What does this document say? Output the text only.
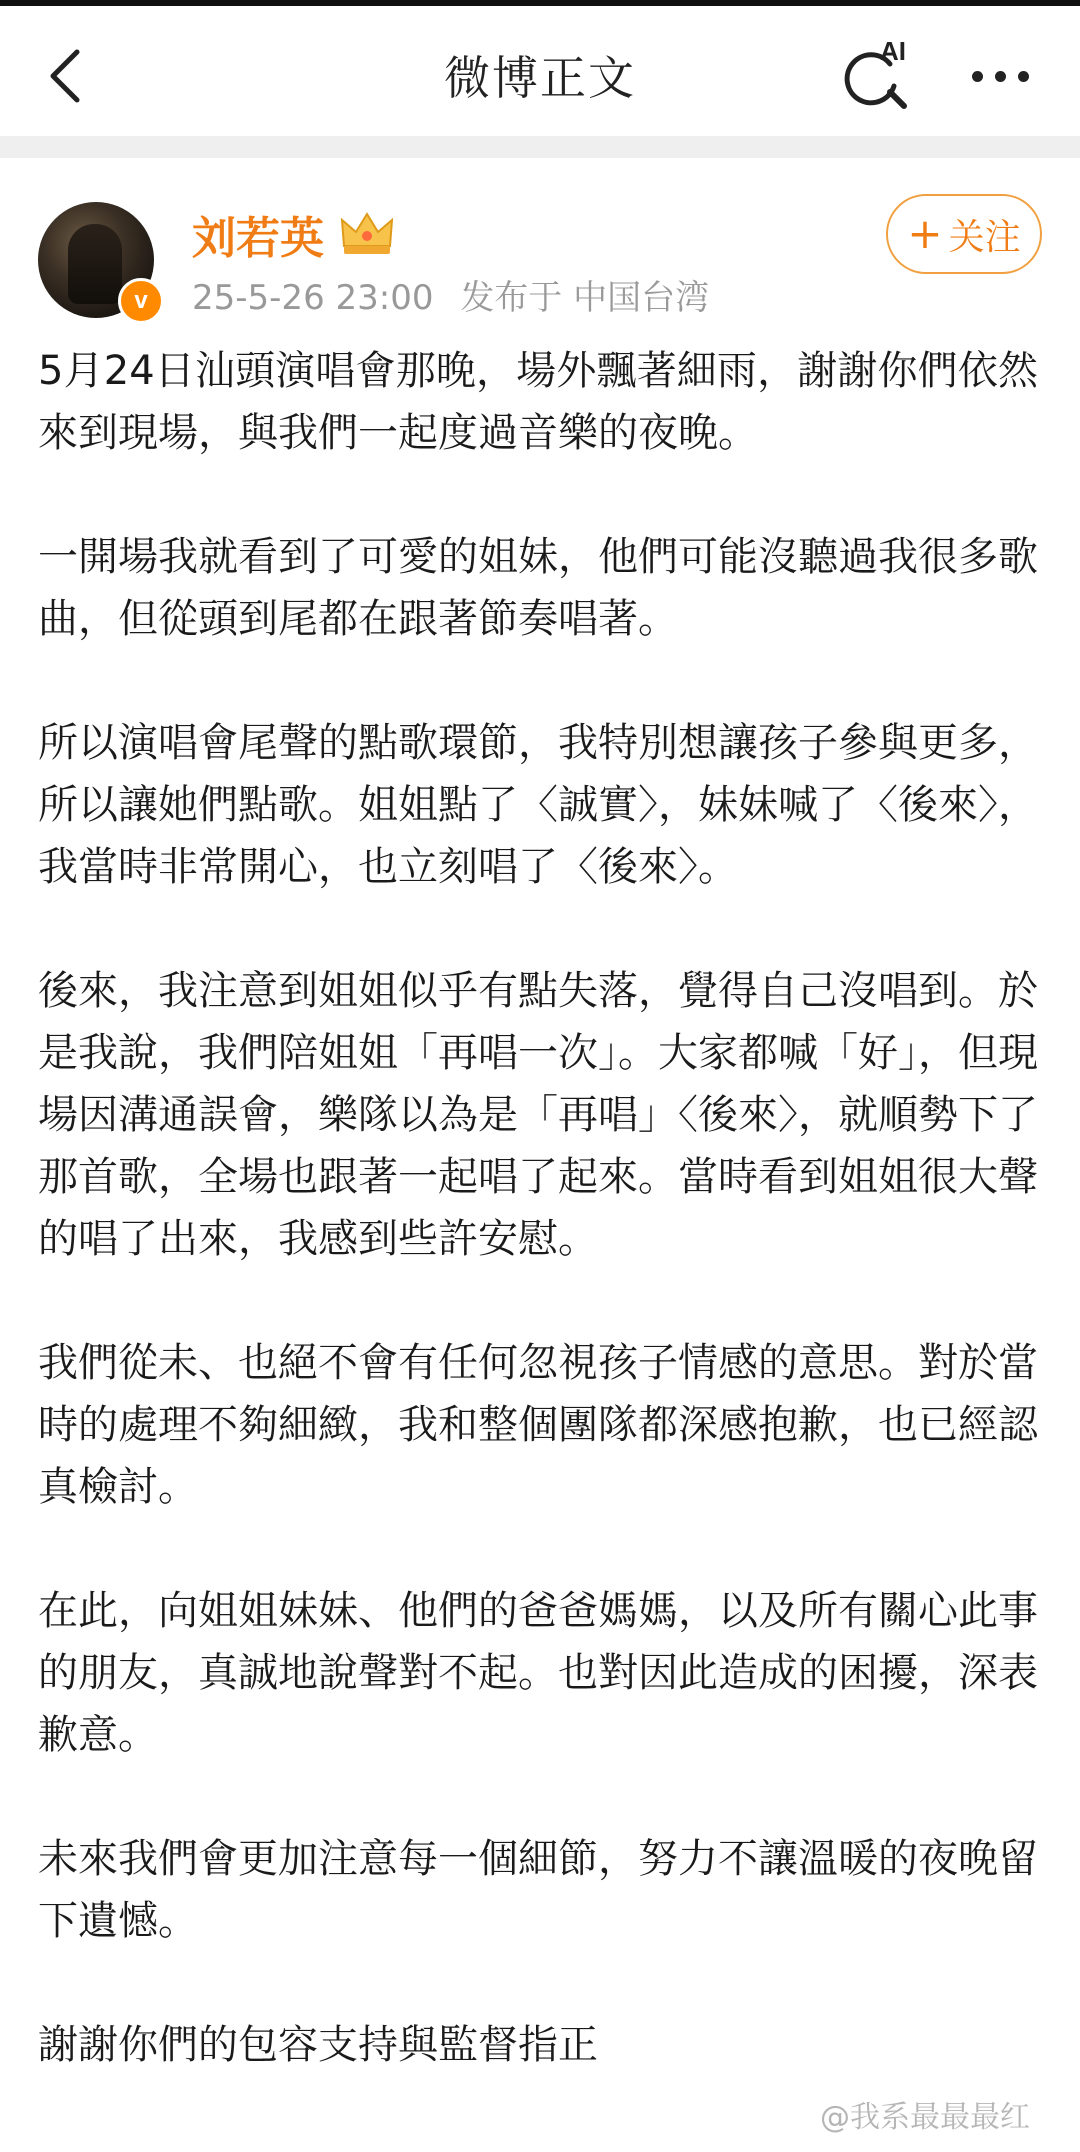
微博正文	AI
v
刘若英
25-5-26 23:00 发布于 中国台湾
+ 关注

5月24日汕頭演唱會那晚，場外飄著細雨，謝謝你們依然來到現場，與我們一起度過音樂的夜晚。

一開場我就看到了可愛的姐妹，他們可能沒聽過我很多歌曲，但從頭到尾都在跟著節奏唱著。

所以演唱會尾聲的點歌環節，我特別想讓孩子參與更多，所以讓她們點歌。姐姐點了〈誠實〉，妹妹喊了〈後來〉，我當時非常開心，也立刻唱了〈後來〉。

後來，我注意到姐姐似乎有點失落，覺得自己沒唱到。於是我說，我們陪姐姐「再唱一次」。大家都喊「好」，但現場因溝通誤會，樂隊以為是「再唱」〈後來〉，就順勢下了那首歌，全場也跟著一起唱了起來。當時看到姐姐很大聲的唱了出來，我感到些許安慰。

我們從未、也絕不會有任何忽視孩子情感的意思。對於當時的處理不夠細緻，我和整個團隊都深感抱歉，也已經認真檢討。

在此，向姐姐妹妹、他們的爸爸媽媽，以及所有關心此事的朋友，真誠地說聲對不起。也對因此造成的困擾，深表歉意。

未來我們會更加注意每一個細節，努力不讓溫暖的夜晚留下遺憾。

謝謝你們的包容支持與監督指正

@我系最最最红
